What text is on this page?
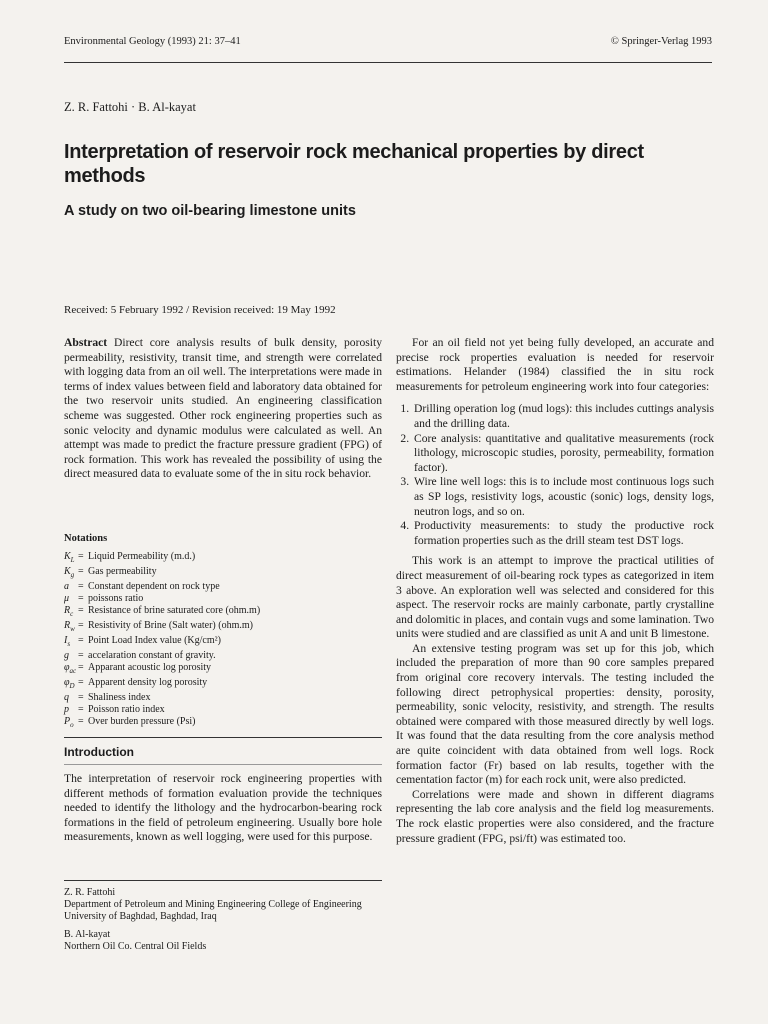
Environmental Geology (1993) 21: 37–41	© Springer-Verlag 1993
Z. R. Fattohi · B. Al-kayat
Interpretation of reservoir rock mechanical properties by direct methods
A study on two oil-bearing limestone units
Received: 5 February 1992 / Revision received: 19 May 1992

Abstract Direct core analysis results of bulk density, porosity permeability, resistivity, transit time, and strength were correlated with logging data from an oil well. The interpretations were made in terms of index values between field and laboratory data obtained for the two reservoir units studied. An engineering classification scheme was suggested. Other rock engineering properties such as sonic velocity and dynamic modulus were calculated as well. An attempt was made to predict the fracture pressure gradient (FPG) of rock formation. This work has revealed the possibility of using the direct measured data to evaluate some of the in situ rock behavior.

Notations
$K_L$ = Liquid Permeability (m.d.)
$K_g$ = Gas permeability
a = Constant dependent on rock type
μ = poissons ratio
$R_c$ = Resistance of brine saturated core (ohm.m)
$R_w$ = Resistivity of Brine (Salt water) (ohm.m)
$I_s$ = Point Load Index value (Kg/cm²)
g = accelaration constant of gravity.
$\varphi_{ac}$ = Apparant acoustic log porosity
$\varphi_D$ = Apparent density log porosity
q = Shaliness index
p = Poisson ratio index
$P_o$ = Over burden pressure (Psi)
Introduction

The interpretation of reservoir rock engineering properties with different methods of formation evaluation provide the techniques needed to identify the lithology and the hydrocarbon-bearing rock formations in the field of petroleum engineering. Usually bore hole measurements, known as well logging, were used for this purpose.

Z. R. Fattohi
Department of Petroleum and Mining Engineering College of Engineering University of Baghdad, Baghdad, Iraq

B. Al-kayat
Northern Oil Co. Central Oil Fields

For an oil field not yet being fully developed, an accurate and precise rock properties evaluation is needed for reservoir estimations. Helander (1984) classified the in situ rock measurements for petroleum engineering work into four categories:

1. Drilling operation log (mud logs): this includes cuttings analysis and the drilling data.
2. Core analysis: quantitative and qualitative measurements (rock lithology, microscopic studies, porosity, permeability, formation factor).
3. Wire line well logs: this is to include most continuous logs such as SP logs, resistivity logs, acoustic (sonic) logs, density logs, neutron logs, and so on.
4. Productivity measurements: to study the productive rock formation properties such as the drill steam test DST logs.

This work is an attempt to improve the practical utilities of direct measurement of oil-bearing rock types as categorized in item 3 above. An exploration well was selected and considered for this aspect. The reservoir rocks are mainly carbonate, partly crystalline and dolomitic in places, and contain vugs and some lamination. Two units were studied and are classified as unit A and unit B limestone.

An extensive testing program was set up for this job, which included the preparation of more than 90 core samples prepared from original core recovery intervals. The testing included the following direct petrophysical properties: density, porosity, permeability, sonic velocity, resistivity, and strength. The results obtained were compared with those measured directly by well logs. It was found that the data resulting from the core analysis method are quite coincident with data obtained from well logs. Rock formation factor (Fr) based on lab results, together with the cementation factor (m) for each rock unit, were also predicted.

Correlations were made and shown in different diagrams representing the lab core analysis and the field log measurements. The rock elastic properties were also considered, and the fracture pressure gradient (FPG, psi/ft) was estimated too.
